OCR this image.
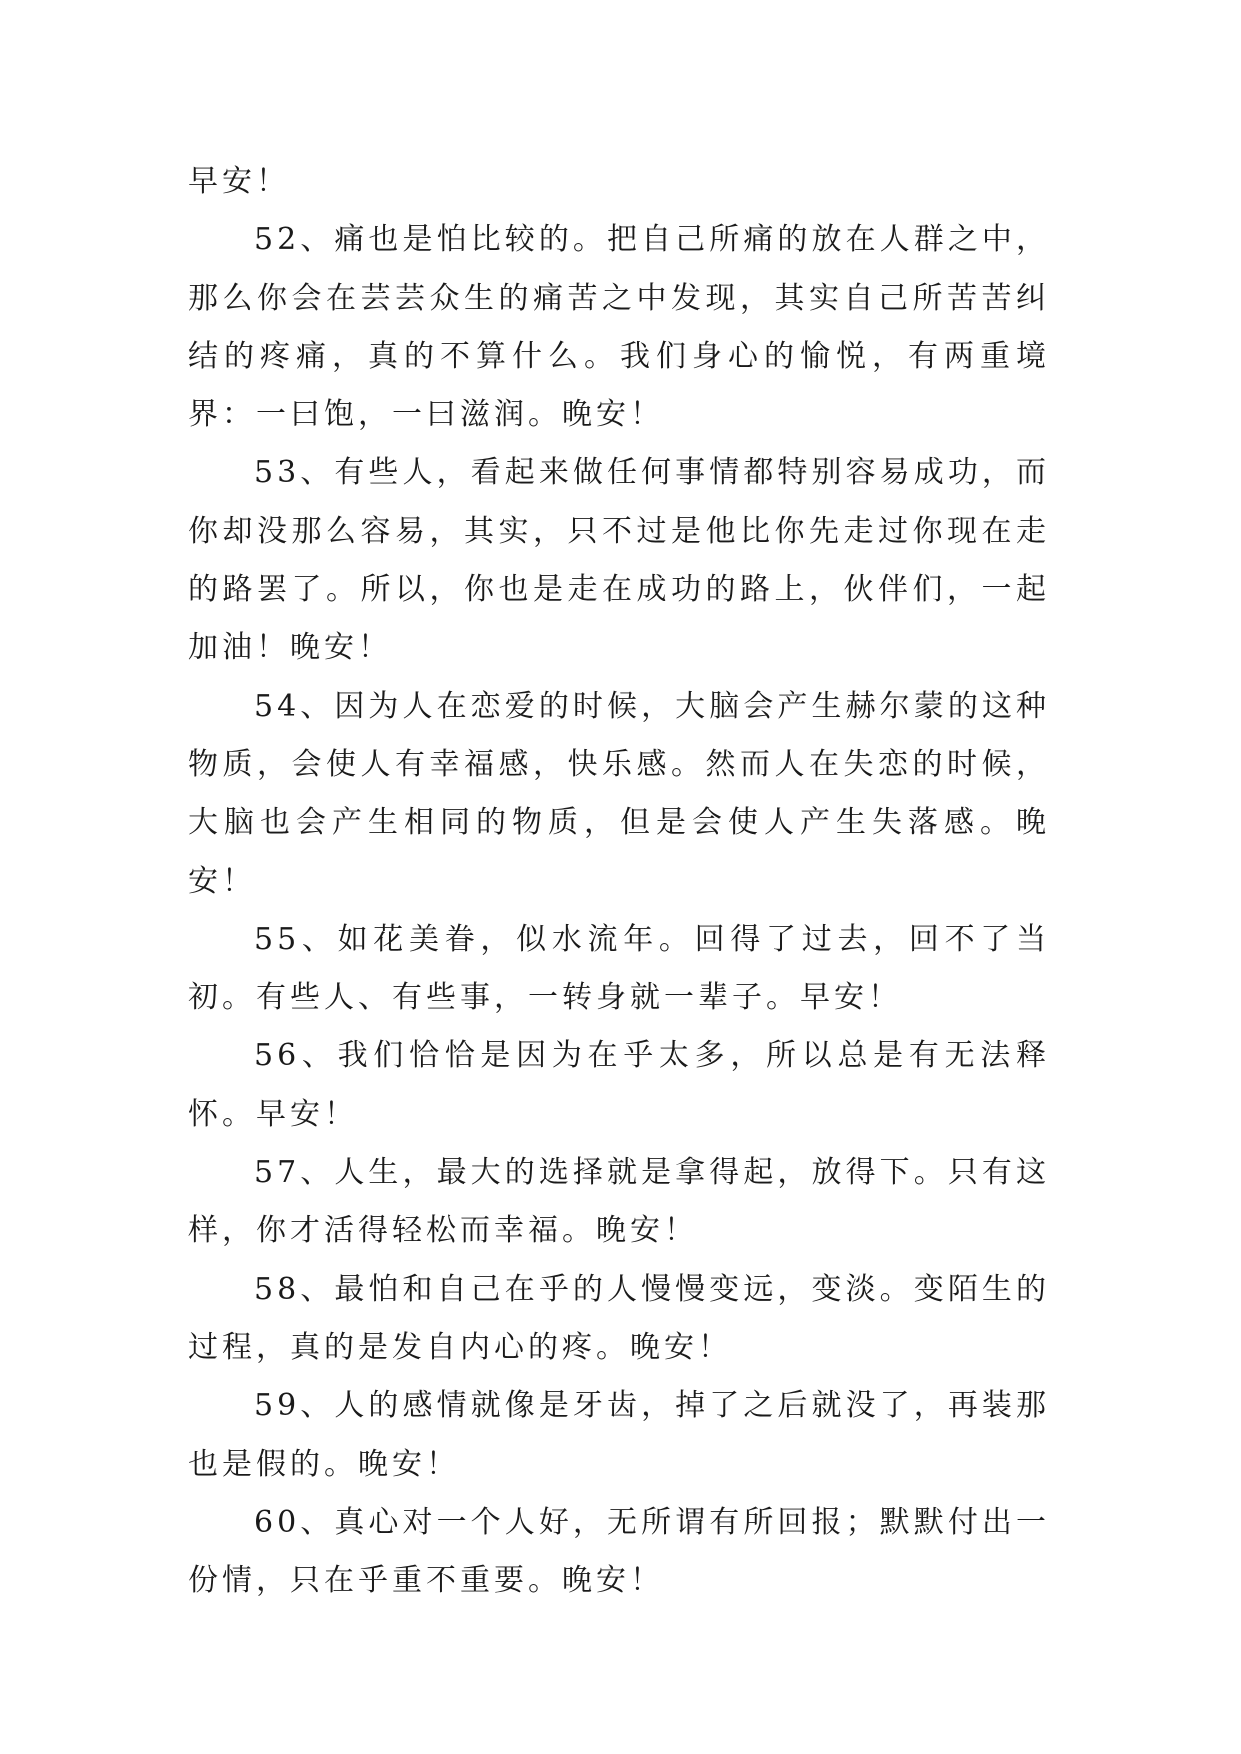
早安！

52、痛也是怕比较的。把自己所痛的放在人群之中，那么你会在芸芸众生的痛苦之中发现，其实自己所苦苦纠结的疼痛，真的不算什么。我们身心的愉悦，有两重境界：一曰饱，一曰滋润。晚安！

53、有些人，看起来做任何事情都特别容易成功，而你却没那么容易，其实，只不过是他比你先走过你现在走的路罢了。所以，你也是走在成功的路上，伙伴们，一起加油！晚安！

54、因为人在恋爱的时候，大脑会产生赫尔蒙的这种物质，会使人有幸福感，快乐感。然而人在失恋的时候，大脑也会产生相同的物质，但是会使人产生失落感。晚安！

55、如花美眷，似水流年。回得了过去，回不了当初。有些人、有些事，一转身就一辈子。早安！

56、我们恰恰是因为在乎太多，所以总是有无法释怀。早安！

57、人生，最大的选择就是拿得起，放得下。只有这样，你才活得轻松而幸福。晚安！

58、最怕和自己在乎的人慢慢变远，变淡。变陌生的过程，真的是发自内心的疼。晚安！

59、人的感情就像是牙齿，掉了之后就没了，再装那也是假的。晚安！

60、真心对一个人好，无所谓有所回报；默默付出一份情，只在乎重不重要。晚安！
